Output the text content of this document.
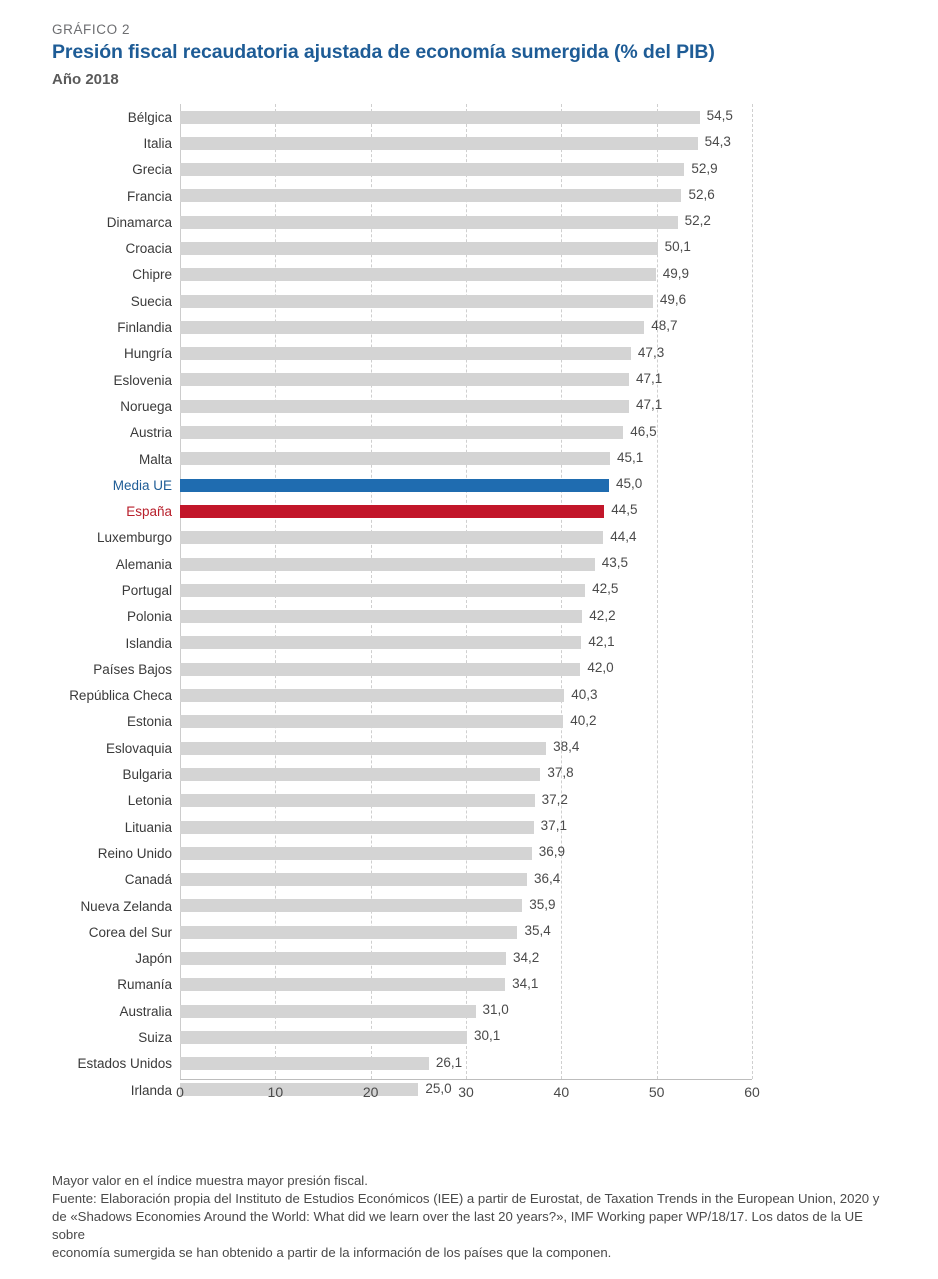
GRÁFICO 2
Presión fiscal recaudatoria ajustada de economía sumergida (% del PIB)
Año 2018
Bélgica	54,5
Italia	54,3
Grecia	52,9
Francia	52,6
Dinamarca	52,2
Croacia	50,1
Chipre	49,9
Suecia	49,6
Finlandia	48,7
Hungría	47,3
Eslovenia	47,1
Noruega	47,1
Austria	46,5
Malta	45,1
Media UE	45,0
España	44,5
Luxemburgo	44,4
Alemania	43,5
Portugal	42,5
Polonia	42,2
Islandia	42,1
Países Bajos	42,0
República Checa	40,3
Estonia	40,2
Eslovaquia	38,4
Bulgaria	37,8
Letonia	37,2
Lituania	37,1
Reino Unido	36,9
Canadá	36,4
Nueva Zelanda	35,9
Corea del Sur	35,4
Japón	34,2
Rumanía	34,1
Australia	31,0
Suiza	30,1
Estados Unidos	26,1
Irlanda	25,0
0	10	20	30	40	50	60

Mayor valor en el índice muestra mayor presión fiscal.

Fuente: Elaboración propia del Instituto de Estudios Económicos (IEE) a partir de Eurostat, de Taxation Trends in the European Union, 2020 y

de «Shadows Economies Around the World: What did we learn over the last 20 years?», IMF Working paper WP/18/17. Los datos de la UE sobre

economía sumergida se han obtenido a partir de la información de los países que la componen.
